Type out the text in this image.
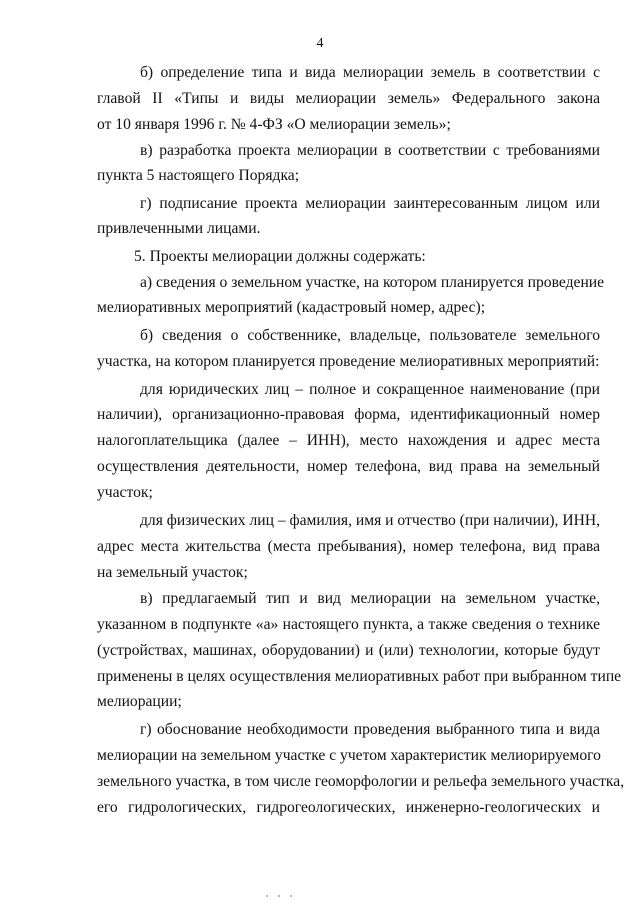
4
б) определение типа и вида мелиорации земель в соответствии с
главой II «Типы и виды мелиорации земель» Федерального закона
от 10 января 1996 г. № 4-ФЗ «О мелиорации земель»;
в) разработка проекта мелиорации в соответствии с требованиями
пункта 5 настоящего Порядка;
г) подписание проекта мелиорации заинтересованным лицом или
привлеченными лицами.
5. Проекты мелиорации должны содержать:
а) сведения о земельном участке, на котором планируется проведение
мелиоративных мероприятий (кадастровый номер, адрес);
б) сведения о собственнике, владельце, пользователе земельного
участка, на котором планируется проведение мелиоративных мероприятий:
для юридических лиц – полное и сокращенное наименование (при
наличии), организационно-правовая форма, идентификационный номер
налогоплательщика (далее – ИНН), место нахождения и адрес места
осуществления деятельности, номер телефона, вид права на земельный
участок;
для физических лиц – фамилия, имя и отчество (при наличии), ИНН,
адрес места жительства (места пребывания), номер телефона, вид права
на земельный участок;
в) предлагаемый тип и вид мелиорации на земельном участке,
указанном в подпункте «а» настоящего пункта, а также сведения о технике
(устройствах, машинах, оборудовании) и (или) технологии, которые будут
применены в целях осуществления мелиоративных работ при выбранном типе
мелиорации;
г) обоснование необходимости проведения выбранного типа и вида
мелиорации на земельном участке с учетом характеристик мелиорируемого
земельного участка, в том числе геоморфологии и рельефа земельного участка,
его гидрологических, гидрогеологических, инженерно-геологических и
